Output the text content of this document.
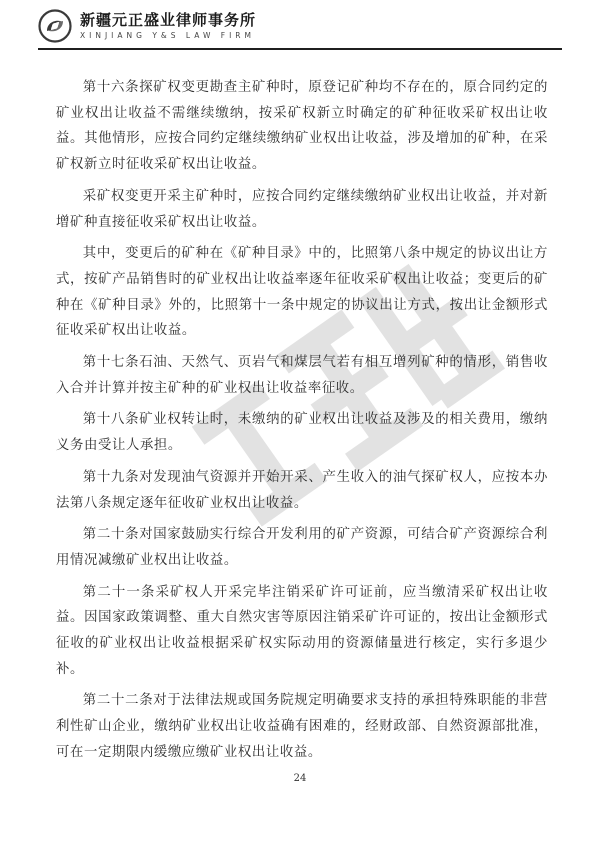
新疆元正盛业律师事务所
XINJIANG Y&S LAW FIRM

第十六条探矿权变更勘查主矿种时，原登记矿种均不存在的，原合同约定的矿业权出让收益不需继续缴纳，按采矿权新立时确定的矿种征收采矿权出让收益。其他情形，应按合同约定继续缴纳矿业权出让收益，涉及增加的矿种，在采矿权新立时征收采矿权出让收益。

采矿权变更开采主矿种时，应按合同约定继续缴纳矿业权出让收益，并对新增矿种直接征收采矿权出让收益。

其中，变更后的矿种在《矿种目录》中的，比照第八条中规定的协议出让方式，按矿产品销售时的矿业权出让收益率逐年征收采矿权出让收益；变更后的矿种在《矿种目录》外的，比照第十一条中规定的协议出让方式，按出让金额形式征收采矿权出让收益。

第十七条石油、天然气、页岩气和煤层气若有相互增列矿种的情形，销售收入合并计算并按主矿种的矿业权出让收益率征收。

第十八条矿业权转让时，未缴纳的矿业权出让收益及涉及的相关费用，缴纳义务由受让人承担。

第十九条对发现油气资源并开始开采、产生收入的油气探矿权人，应按本办法第八条规定逐年征收矿业权出让收益。

第二十条对国家鼓励实行综合开发利用的矿产资源，可结合矿产资源综合利用情况减缴矿业权出让收益。

第二十一条采矿权人开采完毕注销采矿许可证前，应当缴清采矿权出让收益。因国家政策调整、重大自然灾害等原因注销采矿许可证的，按出让金额形式征收的矿业权出让收益根据采矿权实际动用的资源储量进行核定，实行多退少补。

第二十二条对于法律法规或国务院规定明确要求支持的承担特殊职能的非营利性矿山企业，缴纳矿业权出让收益确有困难的，经财政部、自然资源部批准，可在一定期限内缓缴应缴矿业权出让收益。

24
